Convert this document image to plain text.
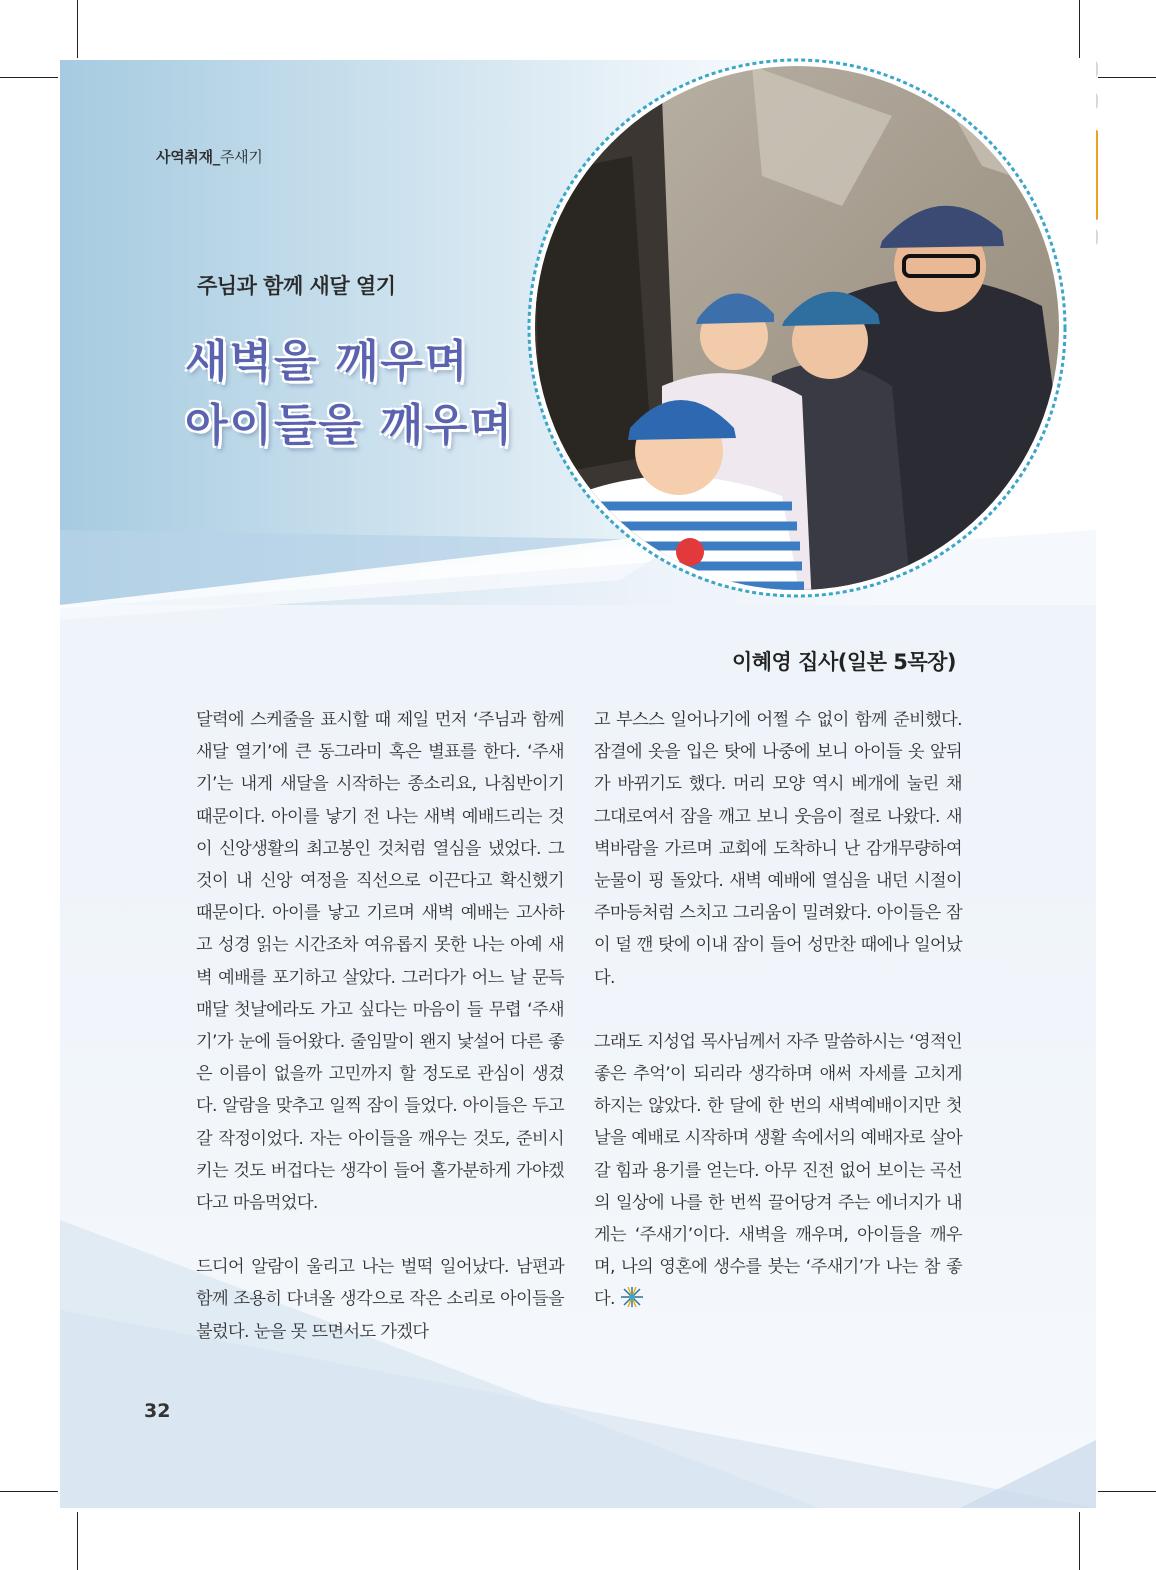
사역취재_주새기
주님과 함께 새달 열기
새벽을 깨우며
아이들을 깨우며
이혜영 집사(일본 5목장)

달력에 스케줄을 표시할 때 제일 먼저 ‘주님과 함께 새달 열기’에 큰 동그라미 혹은 별표를 한다. ‘주새기’는 내게 새달을 시작하는 종소리요, 나침반이기 때문이다. 아이를 낳기 전 나는 새벽 예배드리는 것이 신앙생활의 최고봉인 것처럼 열심을 냈었다. 그것이 내 신앙 여정을 직선으로 이끈다고 확신했기 때문이다. 아이를 낳고 기르며 새벽 예배는 고사하고 성경 읽는 시간조차 여유롭지 못한 나는 아예 새벽 예배를 포기하고 살았다. 그러다가 어느 날 문득 매달 첫날에라도 가고 싶다는 마음이 들 무렵 ‘주새기’가 눈에 들어왔다. 줄임말이 왠지 낯설어 다른 좋은 이름이 없을까 고민까지 할 정도로 관심이 생겼다. 알람을 맞추고 일찍 잠이 들었다. 아이들은 두고 갈 작정이었다. 자는 아이들을 깨우는 것도, 준비시키는 것도 버겁다는 생각이 들어 홀가분하게 가야겠다고 마음먹었다.

드디어 알람이 울리고 나는 벌떡 일어났다. 남편과 함께 조용히 다녀올 생각으로 작은 소리로 아이들을 불렀다. 눈을 못 뜨면서도 가겠다

고 부스스 일어나기에 어쩔 수 없이 함께 준비했다. 잠결에 옷을 입은 탓에 나중에 보니 아이들 옷 앞뒤가 바뀌기도 했다. 머리 모양 역시 베개에 눌린 채 그대로여서 잠을 깨고 보니 웃음이 절로 나왔다. 새벽바람을 가르며 교회에 도착하니 난 감개무량하여 눈물이 핑 돌았다. 새벽 예배에 열심을 내던 시절이 주마등처럼 스치고 그리움이 밀려왔다. 아이들은 잠이 덜 깬 탓에 이내 잠이 들어 성만찬 때에나 일어났다.

그래도 지성업 목사님께서 자주 말씀하시는 ‘영적인 좋은 추억’이 되리라 생각하며 애써 자세를 고치게 하지는 않았다. 한 달에 한 번의 새벽예배이지만 첫날을 예배로 시작하며 생활 속에서의 예배자로 살아갈 힘과 용기를 얻는다. 아무 진전 없어 보이는 곡선의 일상에 나를 한 번씩 끌어당겨 주는 에너지가 내게는 ‘주새기’이다. 새벽을 깨우며, 아이들을 깨우며, 나의 영혼에 생수를 붓는 ‘주새기’가 나는 참 좋다.

32
